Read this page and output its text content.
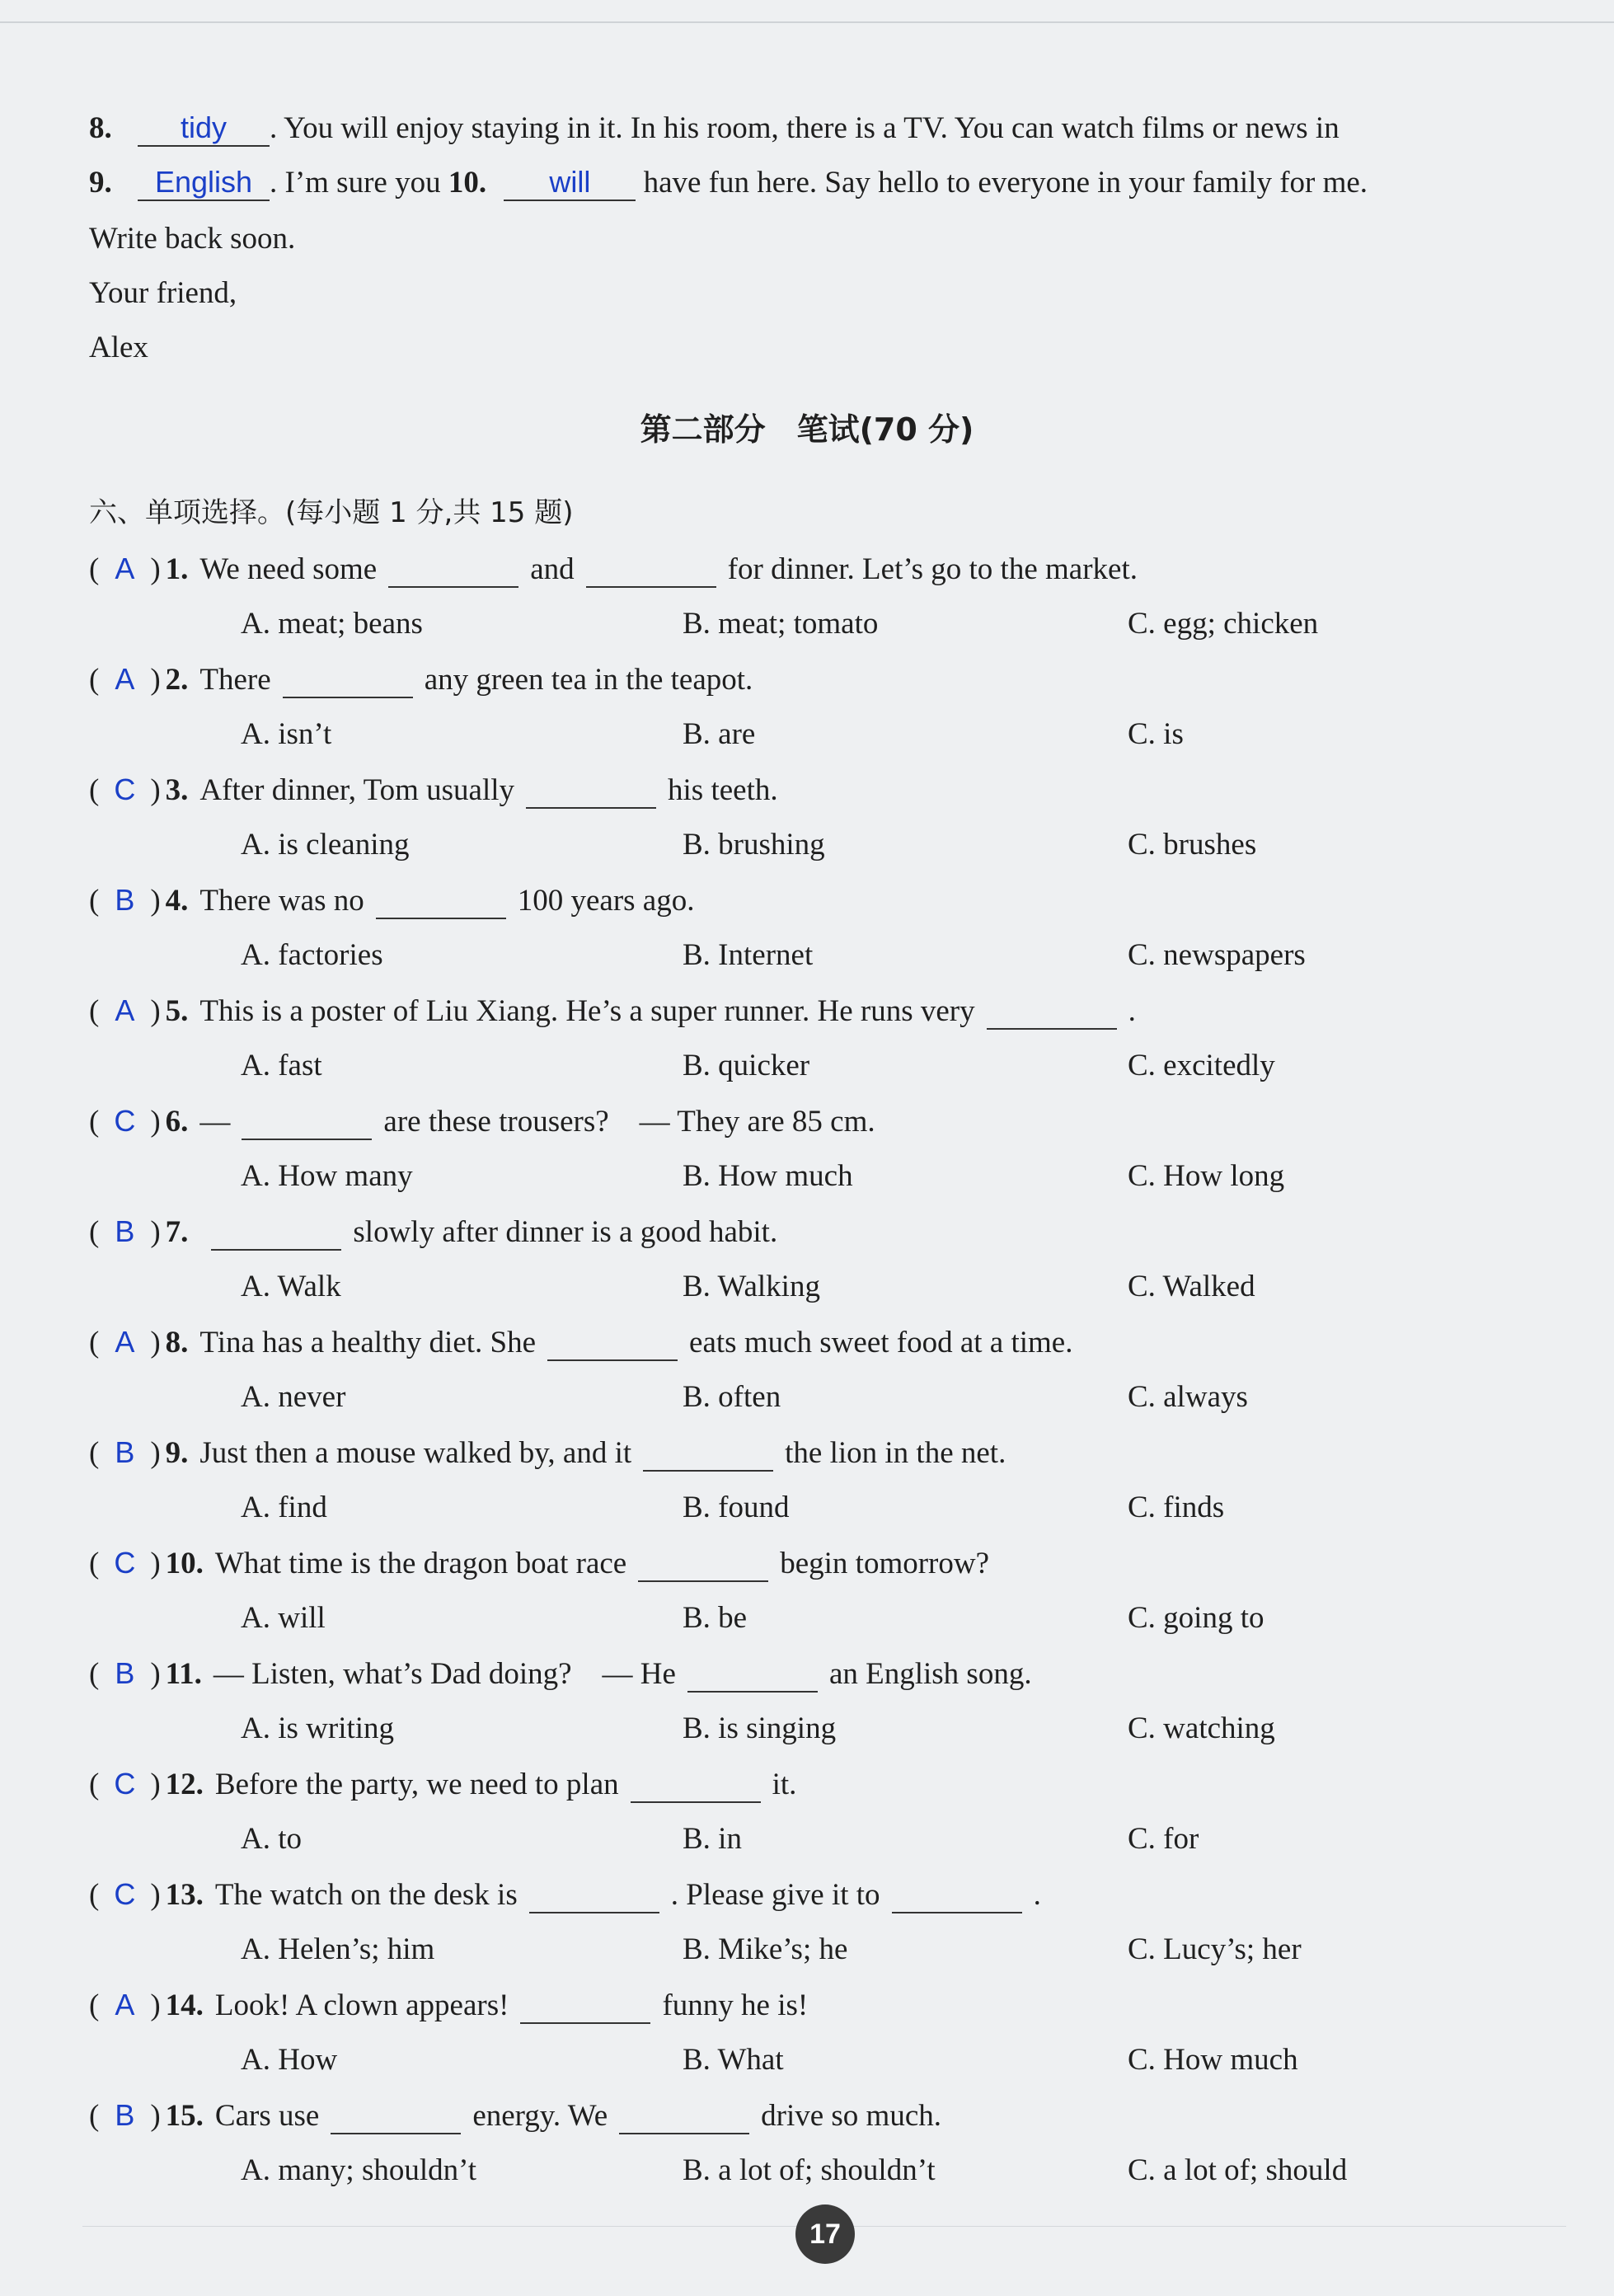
8. tidy . You will enjoy staying in it. In his room, there is a TV. You can watch films or news in
9. English . I’m sure you 10. will have fun here. Say hello to everyone in your family for me.
Write back soon.
Your friend,
Alex
第二部分　笔试(70 分)
六、单项选择。(每小题 1 分,共 15 题)
( A ) 1. We need some	and	for dinner. Let’s go to the market.
A. meat; beans	B. meat; tomato	C. egg; chicken
( A ) 2. There	any green tea in the teapot.
A. isn’t	B. are	C. is
( C ) 3. After dinner, Tom usually	his teeth.
A. is cleaning	B. brushing	C. brushes
( B ) 4. There was no	100 years ago.
A. factories	B. Internet	C. newspapers
( A ) 5. This is a poster of Liu Xiang. He’s a super runner. He runs very	.
A. fast	B. quicker	C. excitedly
( C ) 6. —	are these trousers?　— They are 85 cm.
A. How many	B. How much	C. How long
( B ) 7.	slowly after dinner is a good habit.
A. Walk	B. Walking	C. Walked
( A ) 8. Tina has a healthy diet. She	eats much sweet food at a time.
A. never	B. often	C. always
( B ) 9. Just then a mouse walked by, and it	the lion in the net.
A. find	B. found	C. finds
( C ) 10. What time is the dragon boat race	begin tomorrow?
A. will	B. be	C. going to
( B ) 11. — Listen, what’s Dad doing?　— He	an English song.
A. is writing	B. is singing	C. watching
( C ) 12. Before the party, we need to plan	it.
A. to	B. in	C. for
( C ) 13. The watch on the desk is	. Please give it to	.
A. Helen’s; him	B. Mike’s; he	C. Lucy’s; her
( A ) 14. Look! A clown appears!	funny he is!
A. How	B. What	C. How much
( B ) 15. Cars use	energy. We	drive so much.
A. many; shouldn’t	B. a lot of; shouldn’t	C. a lot of; should
17
